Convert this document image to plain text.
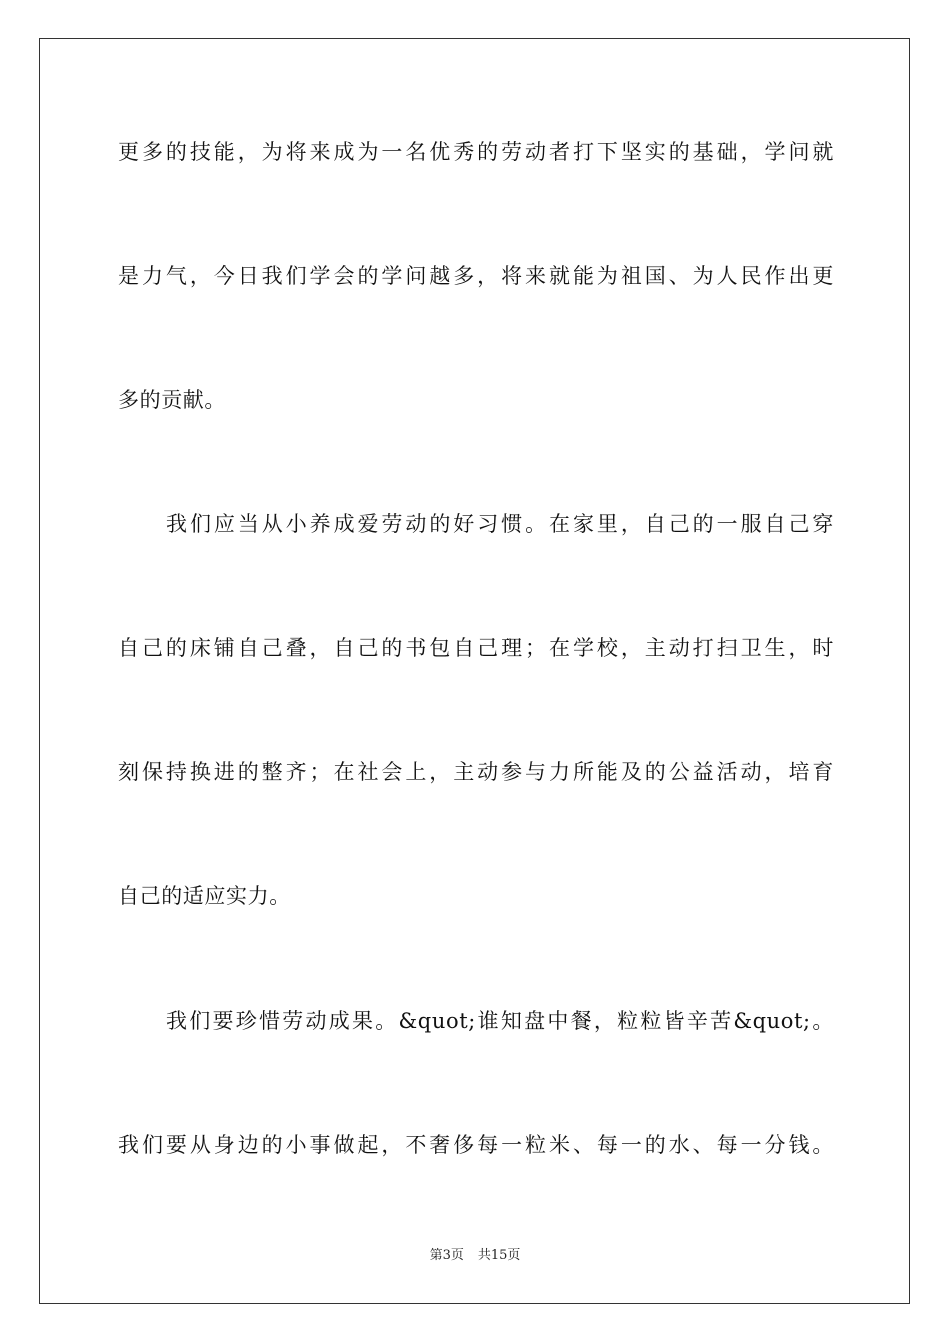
更多的技能，为将来成为一名优秀的劳动者打下坚实的基础，学问就
是力气，今日我们学会的学问越多，将来就能为祖国、为人民作出更
多的贡献。
我们应当从小养成爱劳动的好习惯。在家里，自己的一服自己穿
自己的床铺自己叠，自己的书包自己理；在学校，主动打扫卫生，时
刻保持换进的整齐；在社会上，主动参与力所能及的公益活动，培育
自己的适应实力。
我们要珍惜劳动成果。&quot;谁知盘中餐，粒粒皆辛苦&quot;。
我们要从身边的小事做起，不奢侈每一粒米、每一的水、每一分钱。
第3页 共15页
